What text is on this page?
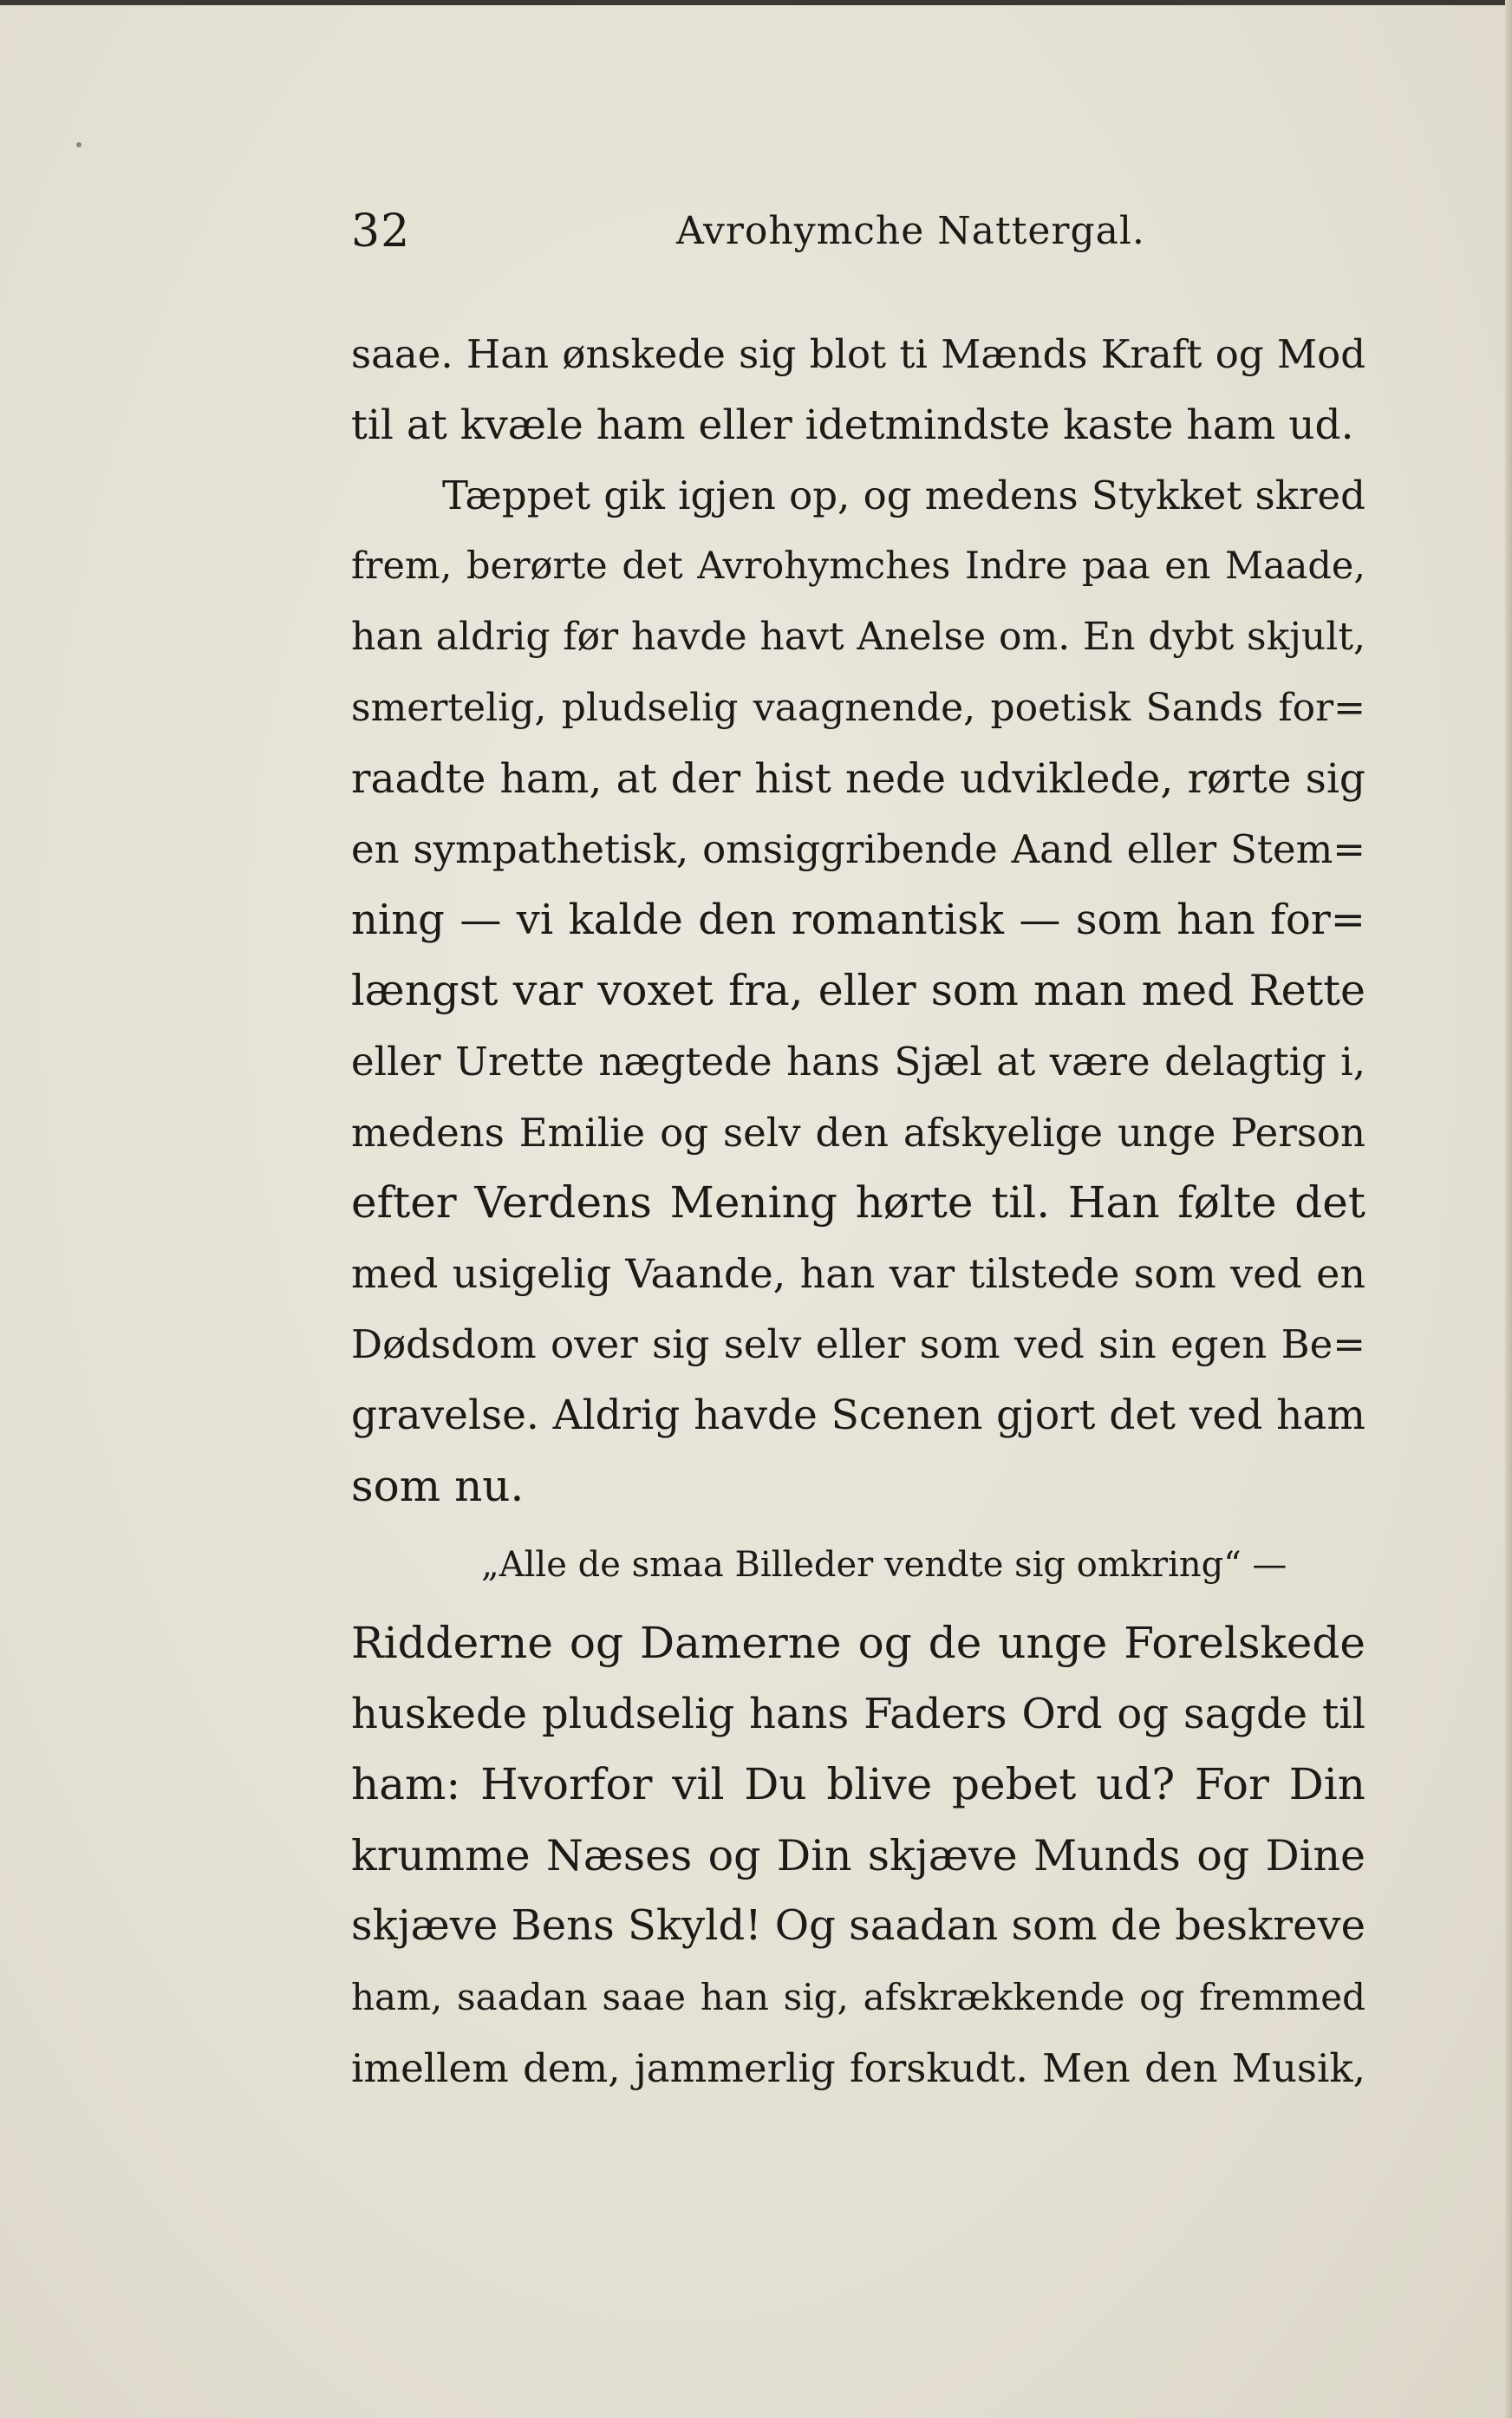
32	Avrohymche Nattergal.
saae. Han ønskede sig blot ti Mænds Kraft og Mod
til at kvæle ham eller idetmindste kaste ham ud.
Tæppet gik igjen op, og medens Stykket skred
frem, berørte det Avrohymches Indre paa en Maade,
han aldrig før havde havt Anelse om. En dybt skjult,
smertelig, pludselig vaagnende, poetisk Sands for=
raadte ham, at der hist nede udviklede, rørte sig
en sympathetisk, omsiggribende Aand eller Stem=
ning — vi kalde den romantisk — som han for=
længst var voxet fra, eller som man med Rette
eller Urette nægtede hans Sjæl at være delagtig i,
medens Emilie og selv den afskyelige unge Person
efter Verdens Mening hørte til. Han følte det
med usigelig Vaande, han var tilstede som ved en
Dødsdom over sig selv eller som ved sin egen Be=
gravelse. Aldrig havde Scenen gjort det ved ham
som nu.
„Alle de smaa Billeder vendte sig omkring“ —
Ridderne og Damerne og de unge Forelskede
huskede pludselig hans Faders Ord og sagde til
ham: Hvorfor vil Du blive pebet ud? For Din
krumme Næses og Din skjæve Munds og Dine
skjæve Bens Skyld! Og saadan som de beskreve
ham, saadan saae han sig, afskrækkende og fremmed
imellem dem, jammerlig forskudt. Men den Musik,
